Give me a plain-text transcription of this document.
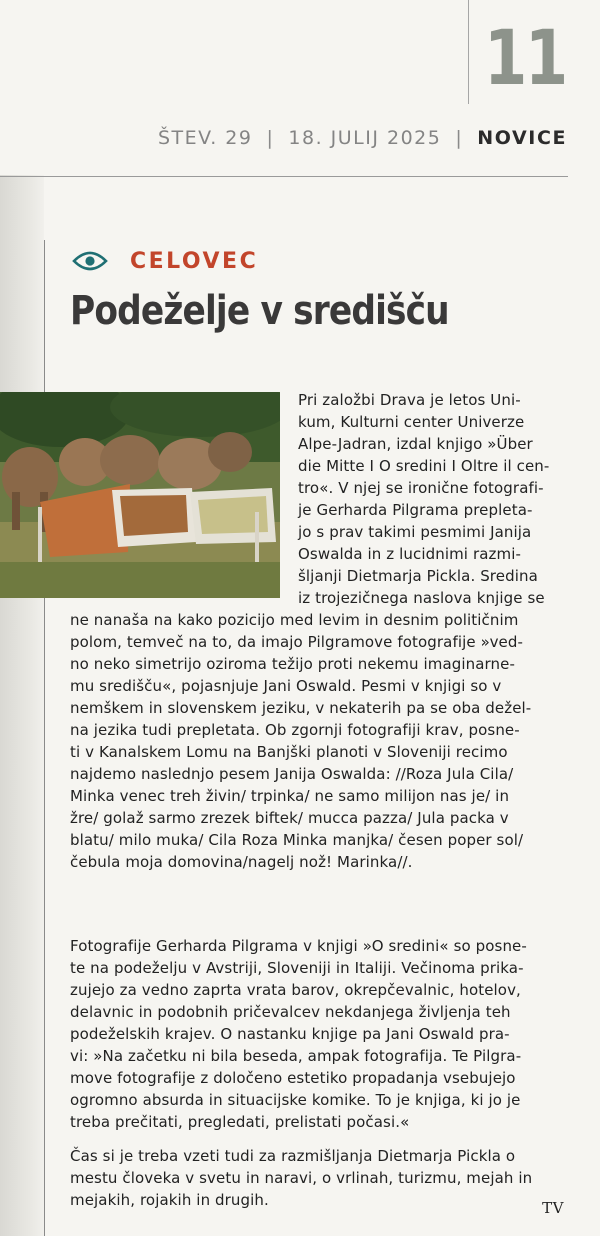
11
ŠTEV. 29 | 18. JULIJ 2025 | NOVICE
CELOVEC
Podeželje v središču
Pri založbi Drava je letos Uni-
kum, Kulturni center Univerze
Alpe-Jadran, izdal knjigo »Über
die Mitte I O sredini I Oltre il cen-
tro«. V njej se ironične fotografi-
je Gerharda Pilgrama prepleta-
jo s prav takimi pesmimi Janija
Oswalda in z lucidnimi razmi-
šljanji Dietmarja Pickla. Sredina
iz trojezičnega naslova knjige se
ne nanaša na kako pozicijo med levim in desnim političnim
polom, temveč na to, da imajo Pilgramove fotografije »ved-
no neko simetrijo oziroma težijo proti nekemu imaginarne-
mu središču«, pojasnjuje Jani Oswald. Pesmi v knjigi so v
nemškem in slovenskem jeziku, v nekaterih pa se oba dežel-
na jezika tudi prepletata. Ob zgornji fotografiji krav, posne-
ti v Kanalskem Lomu na Banjški planoti v Sloveniji recimo
najdemo naslednjo pesem Janija Oswalda: //Roza Jula Cila/
Minka venec treh živin/ trpinka/ ne samo milijon nas je/ in
žre/ golaž sarmo zrezek biftek/ mucca pazza/ Jula packa v
blatu/ milo muka/ Cila Roza Minka manjka/ česen poper sol/
čebula moja domovina/nagelj nož! Marinka//.
Fotografije Gerharda Pilgrama v knjigi »O sredini« so posne-
te na podeželju v Avstriji, Sloveniji in Italiji. Večinoma prika-
zujejo za vedno zaprta vrata barov, okrepčevalnic, hotelov,
delavnic in podobnih pričevalcev nekdanjega življenja teh
podeželskih krajev. O nastanku knjige pa Jani Oswald pra-
vi: »Na začetku ni bila beseda, ampak fotografija. Te Pilgra-
move fotografije z določeno estetiko propadanja vsebujejo
ogromno absurda in situacijske komike. To je knjiga, ki jo je
treba prečitati, pregledati, prelistati počasi.«
Čas si je treba vzeti tudi za razmišljanja Dietmarja Pickla o
mestu človeka v svetu in naravi, o vrlinah, turizmu, mejah in
mejakih, rojakih in drugih.	TV
